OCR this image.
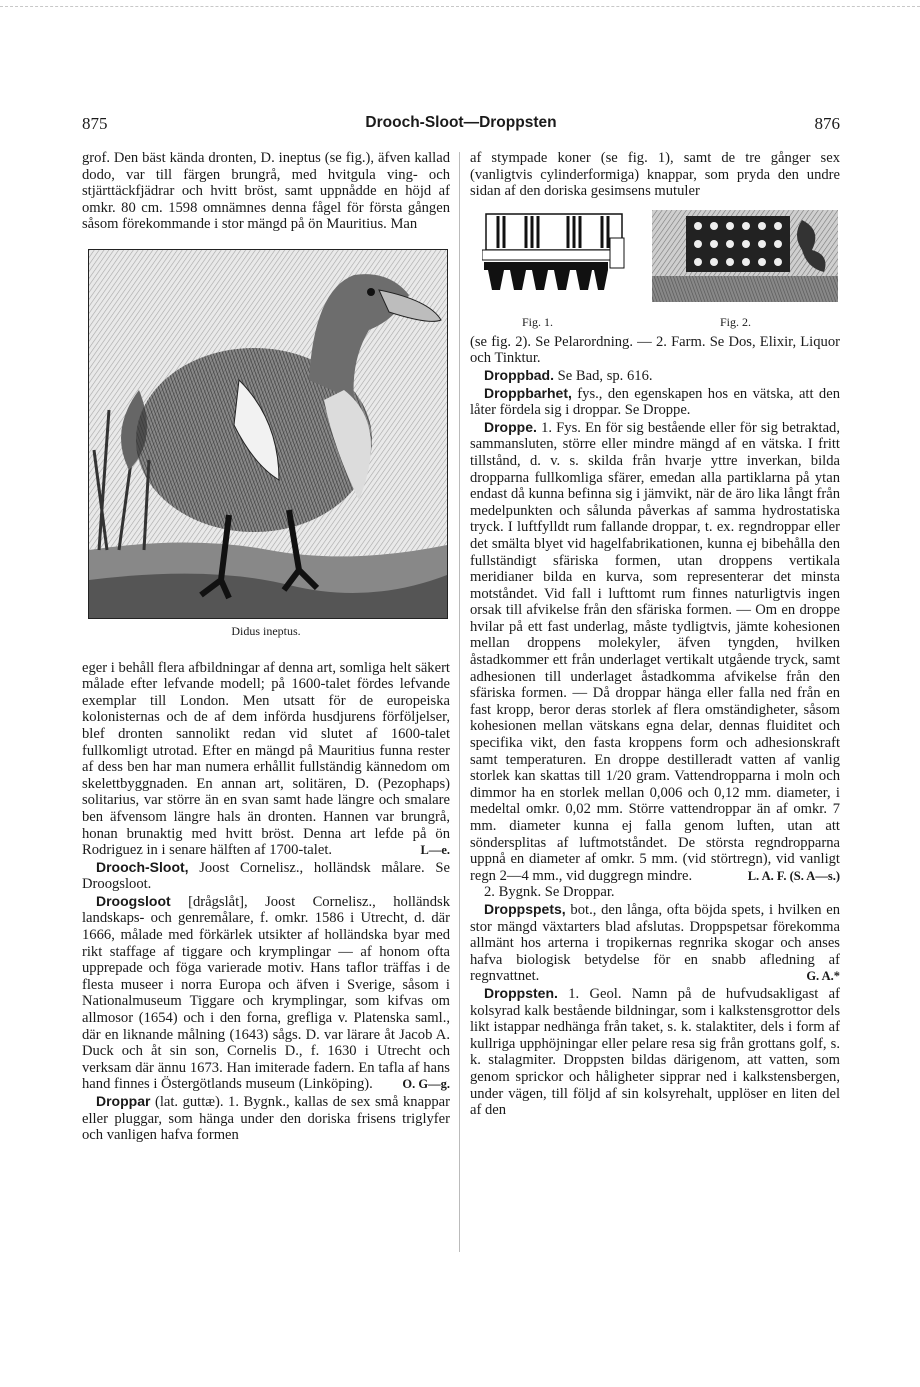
875	Drooch-Sloot—Droppsten	876

grof. Den bäst kända dronten, D. ineptus (se fig.), äfven kallad dodo, var till färgen brungrå, med hvitgula ving- och stjärttäckfjädrar och hvitt bröst, samt uppnådde en höjd af omkr. 80 cm. 1598 omnämnes denna fågel för första gången såsom förekommande i stor mängd på ön Mauritius. Man

Didus ineptus.

eger i behåll flera afbildningar af denna art, somliga helt säkert målade efter lefvande modell; på 1600-talet fördes lefvande exemplar till London. Men utsatt för de europeiska kolonisternas och de af dem införda husdjurens förföljelser, blef dronten sannolikt redan vid slutet af 1600-talet fullkomligt utrotad. Efter en mängd på Mauritius funna rester af dess ben har man numera erhållit fullständig kännedom om skelettbyggnaden. En annan art, solitären, D. (Pezophaps) solitarius, var större än en svan samt hade längre och smalare ben äfvensom längre hals än dronten. Hannen var brungrå, honan brunaktig med hvitt bröst. Denna art lefde på ön Rodriguez in i senare hälften af 1700-talet.	L—e.

Drooch-Sloot, Joost Cornelisz., holländsk målare. Se Droogsloot.

Droogsloot [drågslåt], Joost Cornelisz., holländsk landskaps- och genremålare, f. omkr. 1586 i Utrecht, d. där 1666, målade med förkärlek utsikter af holländska byar med rikt staffage af tiggare och krymplingar — af honom ofta upprepade och föga varierade motiv. Hans taflor träffas i de flesta museer i norra Europa och äfven i Sverige, såsom i Nationalmuseum Tiggare och krymplingar, som kifvas om allmosor (1654) och i den forna, grefliga v. Platenska saml., där en liknande målning (1643) sågs. D. var lärare åt Jacob A. Duck och åt sin son, Cornelis D., f. 1630 i Utrecht och verksam där ännu 1673. Han imiterade fadern. En tafla af hans hand finnes i Östergötlands museum (Linköping).	O. G—g.

Droppar (lat. guttæ). 1. Bygnk., kallas de sex små knappar eller pluggar, som hänga under den doriska frisens triglyfer och vanligen hafva formen

af stympade koner (se fig. 1), samt de tre gånger sex (vanligtvis cylinderformiga) knappar, som pryda den undre sidan af den doriska gesimsens mutuler

Fig. 1.	Fig. 2.

(se fig. 2). Se Pelarordning. — 2. Farm. Se Dos, Elixir, Liquor och Tinktur.

Droppbad. Se Bad, sp. 616.

Droppbarhet, fys., den egenskapen hos en vätska, att den låter fördela sig i droppar. Se Droppe.

Droppe. 1. Fys. En för sig bestående eller för sig betraktad, sammansluten, större eller mindre mängd af en vätska. I fritt tillstånd, d. v. s. skilda från hvarje yttre inverkan, bilda dropparna fullkomliga sfärer, emedan alla partiklarna på ytan endast då kunna befinna sig i jämvikt, när de äro lika långt från medelpunkten och sålunda påverkas af samma hydrostatiska tryck. I luftfylldt rum fallande droppar, t. ex. regndroppar eller det smälta blyet vid hagelfabrikationen, kunna ej bibehålla den fullständigt sfäriska formen, utan droppens vertikala meridianer bilda en kurva, som representerar det minsta motståndet. Vid fall i lufttomt rum finnes naturligtvis ingen orsak till afvikelse från den sfäriska formen. — Om en droppe hvilar på ett fast underlag, måste tydligtvis, jämte kohesionen mellan droppens molekyler, äfven tyngden, hvilken åstadkommer ett från underlaget vertikalt utgående tryck, samt adhesionen till underlaget åstadkomma afvikelse från den sfäriska formen. — Då droppar hänga eller falla ned från en fast kropp, beror deras storlek af flera omständigheter, såsom kohesionen mellan vätskans egna delar, dennas fluiditet och specifika vikt, den fasta kroppens form och adhesionskraft samt temperaturen. En droppe destilleradt vatten af vanlig storlek kan skattas till 1/20 gram. Vattendropparna i moln och dimmor ha en storlek mellan 0,006 och 0,12 mm. diameter, i medeltal omkr. 0,02 mm. Större vattendroppar än af omkr. 7 mm. diameter kunna ej falla genom luften, utan att söndersplitas af luftmotståndet. De största regndropparna uppnå en diameter af omkr. 5 mm. (vid störtregn), vid vanligt regn 2—4 mm., vid duggregn mindre.	L. A. F. (S. A—s.)

2. Bygnk. Se Droppar.

Droppspets, bot., den långa, ofta böjda spets, i hvilken en stor mängd växtarters blad afslutas. Droppspetsar förekomma allmänt hos arterna i tropikernas regnrika skogar och anses hafva biologisk betydelse för en snabb afledning af regnvattnet.	G. A.*

Droppsten. 1. Geol. Namn på de hufvudsakligast af kolsyrad kalk bestående bildningar, som i kalkstensgrottor dels likt istappar nedhänga från taket, s. k. stalaktiter, dels i form af kullriga upphöjningar eller pelare resa sig från grottans golf, s. k. stalagmiter. Droppsten bildas därigenom, att vatten, som genom sprickor och håligheter sipprar ned i kalkstensbergen, under vägen, till följd af sin kolsyrehalt, upplöser en liten del af den
